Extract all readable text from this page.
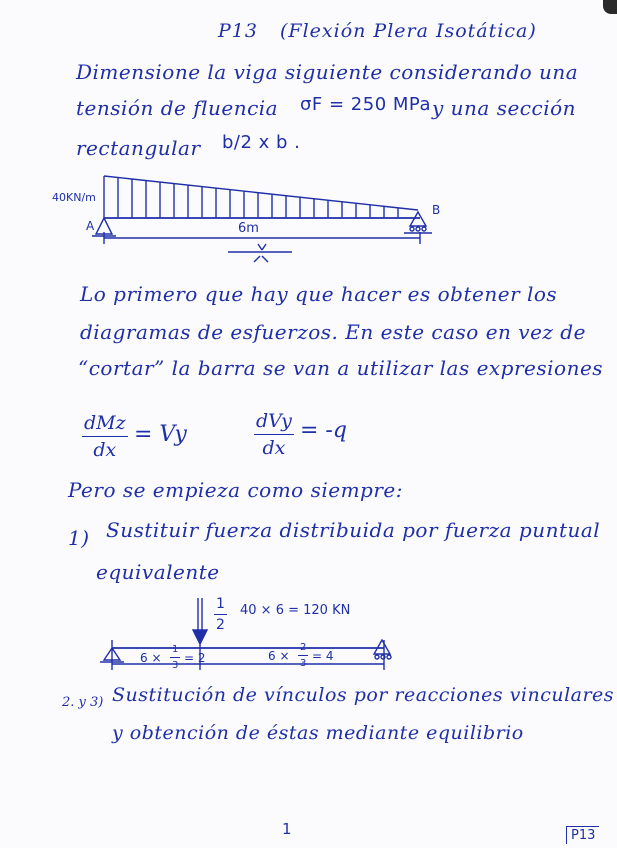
P13 (Flexión Plera Isotática)
Dimensione la viga siguiente considerando una
tensión de fluencia σF = 250 MPa y una sección
rectangular b/2 x b .
40KN/m
A
B
6m
Lo primero que hay que hacer es obtener los
diagramas de esfuerzos. En este caso en vez de
“cortar” la barra se van a utilizar las expresiones
dMz
dx
= Vy
dVy
dx
= -q
Pero se empieza como siempre:
1) Sustituir fuerza distribuida por fuerza puntual
equivalente
$\frac{1}{2} 40 \times 6 = 120$ KN
$6 \times \frac{1}{3} = 2$	$6 \times \frac{2}{3} = 4$
2. y 3) Sustitución de vínculos por reacciones vinculares
y obtención de éstas mediante equilibrio
1	P13
